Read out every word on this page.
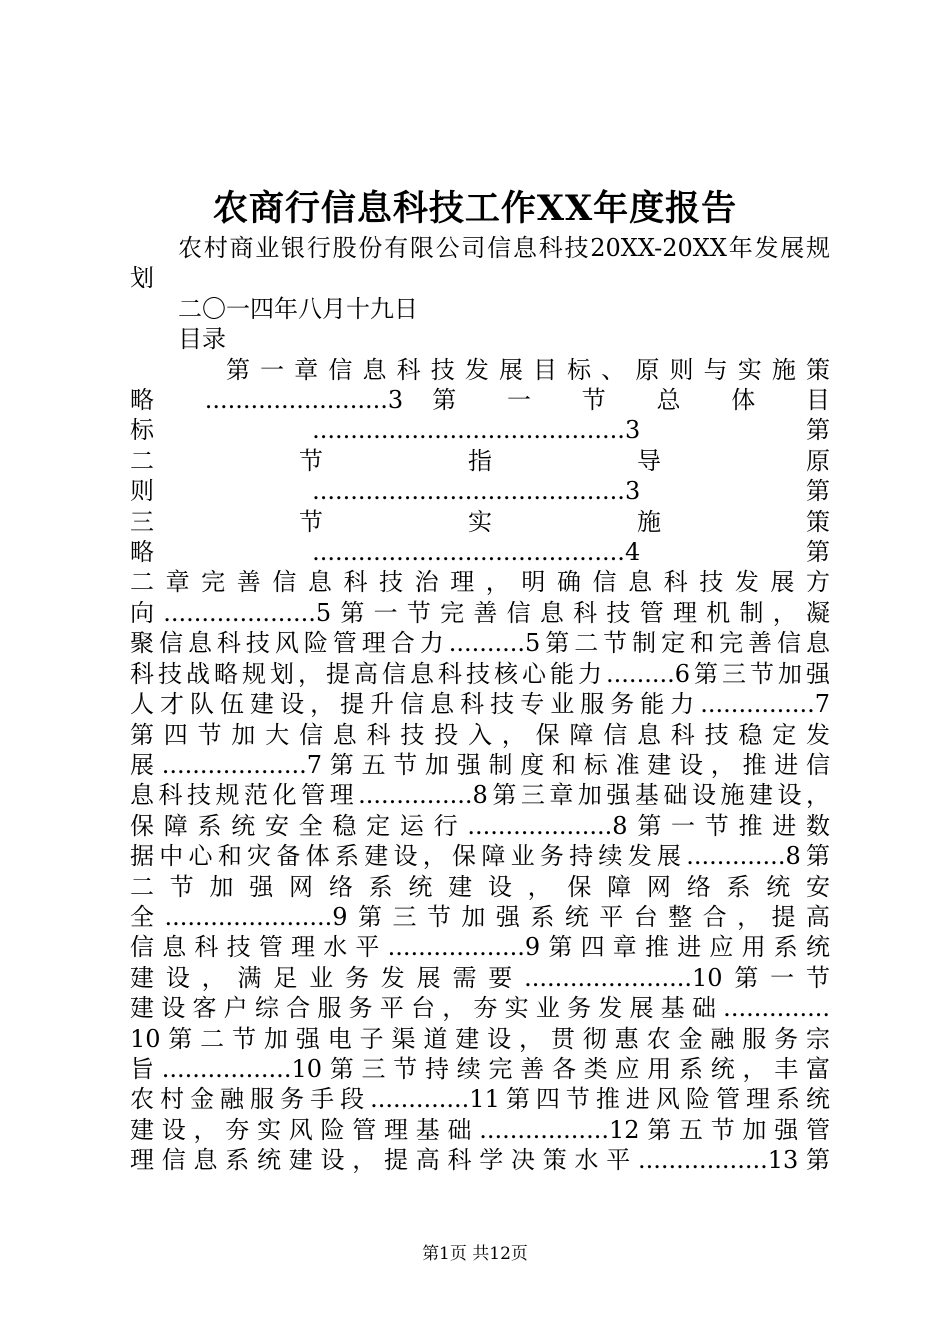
农商行信息科技工作XX年度报告

农村商业银行股份有限公司信息科技20XX-20XX年发展规

划

二〇一四年八月十九日

目录

第一章信息科技发展目标、原则与实施策
略 ........................3 第 一 节 总 体 目
标.........................................3 第
二 节 指 导 原
则.........................................3 第
三 节 实 施 策
略.........................................4 第
二 章 完 善 信 息 科 技 治 理 ， 明 确 信 息 科 技 发 展 方
向....................5第一节完善信息科技管理机制，凝
聚信息科技风险管理合力..........5第二节制定和完善信息
科技战略规划，提高信息科技核心能力.........6第三节加强
人才队伍建设，提升信息科技专业服务能力...............7
第 四 节 加 大 信 息 科 技 投 入 ， 保 障 信 息 科 技 稳 定 发
展...................7第五节加强制度和标准建设，推进信
息科技规范化管理...............8第三章加强基础设施建设，
保障系统安全稳定运行...................8第一节推进数
据中心和灾备体系建设，保障业务持续发展.............8第
二 节 加 强 网 络 系 统 建 设 ， 保 障 网 络 系 统 安
全......................9第三节加强系统平台整合，提高
信息科技管理水平..................9第四章推进应用系统
建设，满足业务发展需要......................10第一节
建设客户综合服务平台，夯实业务发展基础..............
10 第 二 节 加 强 电 子 渠 道 建 设 ， 贯 彻 惠 农 金 融 服 务 宗
旨.................10第三节持续完善各类应用系统，丰富
农村金融服务手段.............11第四节推进风险管理系统
建设，夯实风险管理基础.................12第五节加强管
理信息系统建设，提高科学决策水平.................13第
第1页 共12页
